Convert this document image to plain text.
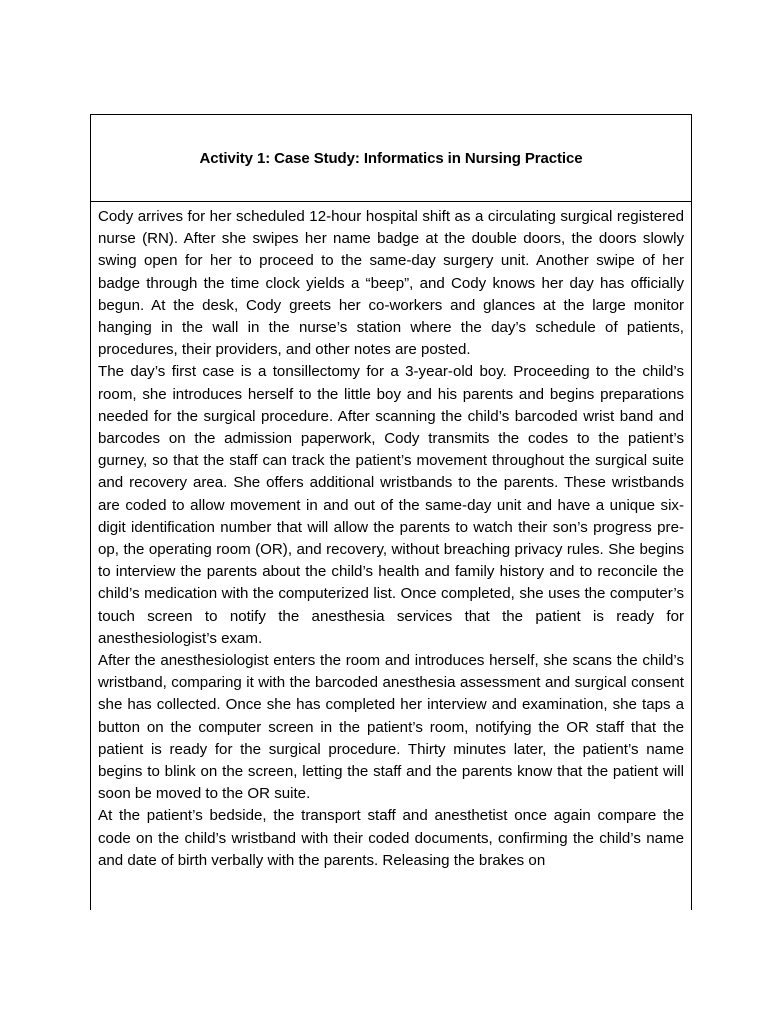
Activity 1: Case Study: Informatics in Nursing Practice

Cody arrives for her scheduled 12-hour hospital shift as a circulating surgical registered nurse (RN). After she swipes her name badge at the double doors, the doors slowly swing open for her to proceed to the same-day surgery unit. Another swipe of her badge through the time clock yields a “beep”, and Cody knows her day has officially begun. At the desk, Cody greets her co-workers and glances at the large monitor hanging in the wall in the nurse’s station where the day’s schedule of patients, procedures, their providers, and other notes are posted.

The day’s first case is a tonsillectomy for a 3-year-old boy. Proceeding to the child’s room, she introduces herself to the little boy and his parents and begins preparations needed for the surgical procedure. After scanning the child’s barcoded wrist band and barcodes on the admission paperwork, Cody transmits the codes to the patient’s gurney, so that the staff can track the patient’s movement throughout the surgical suite and recovery area. She offers additional wristbands to the parents. These wristbands are coded to allow movement in and out of the same-day unit and have a unique six-digit identification number that will allow the parents to watch their son’s progress pre-op, the operating room (OR), and recovery, without breaching privacy rules. She begins to interview the parents about the child’s health and family history and to reconcile the child’s medication with the computerized list. Once completed, she uses the computer’s touch screen to notify the anesthesia services that the patient is ready for anesthesiologist’s exam.

After the anesthesiologist enters the room and introduces herself, she scans the child’s wristband, comparing it with the barcoded anesthesia assessment and surgical consent she has collected. Once she has completed her interview and examination, she taps a button on the computer screen in the patient’s room, notifying the OR staff that the patient is ready for the surgical procedure. Thirty minutes later, the patient’s name begins to blink on the screen, letting the staff and the parents know that the patient will soon be moved to the OR suite.

At the patient’s bedside, the transport staff and anesthetist once again compare the code on the child’s wristband with their coded documents, confirming the child’s name and date of birth verbally with the parents. Releasing the brakes on
